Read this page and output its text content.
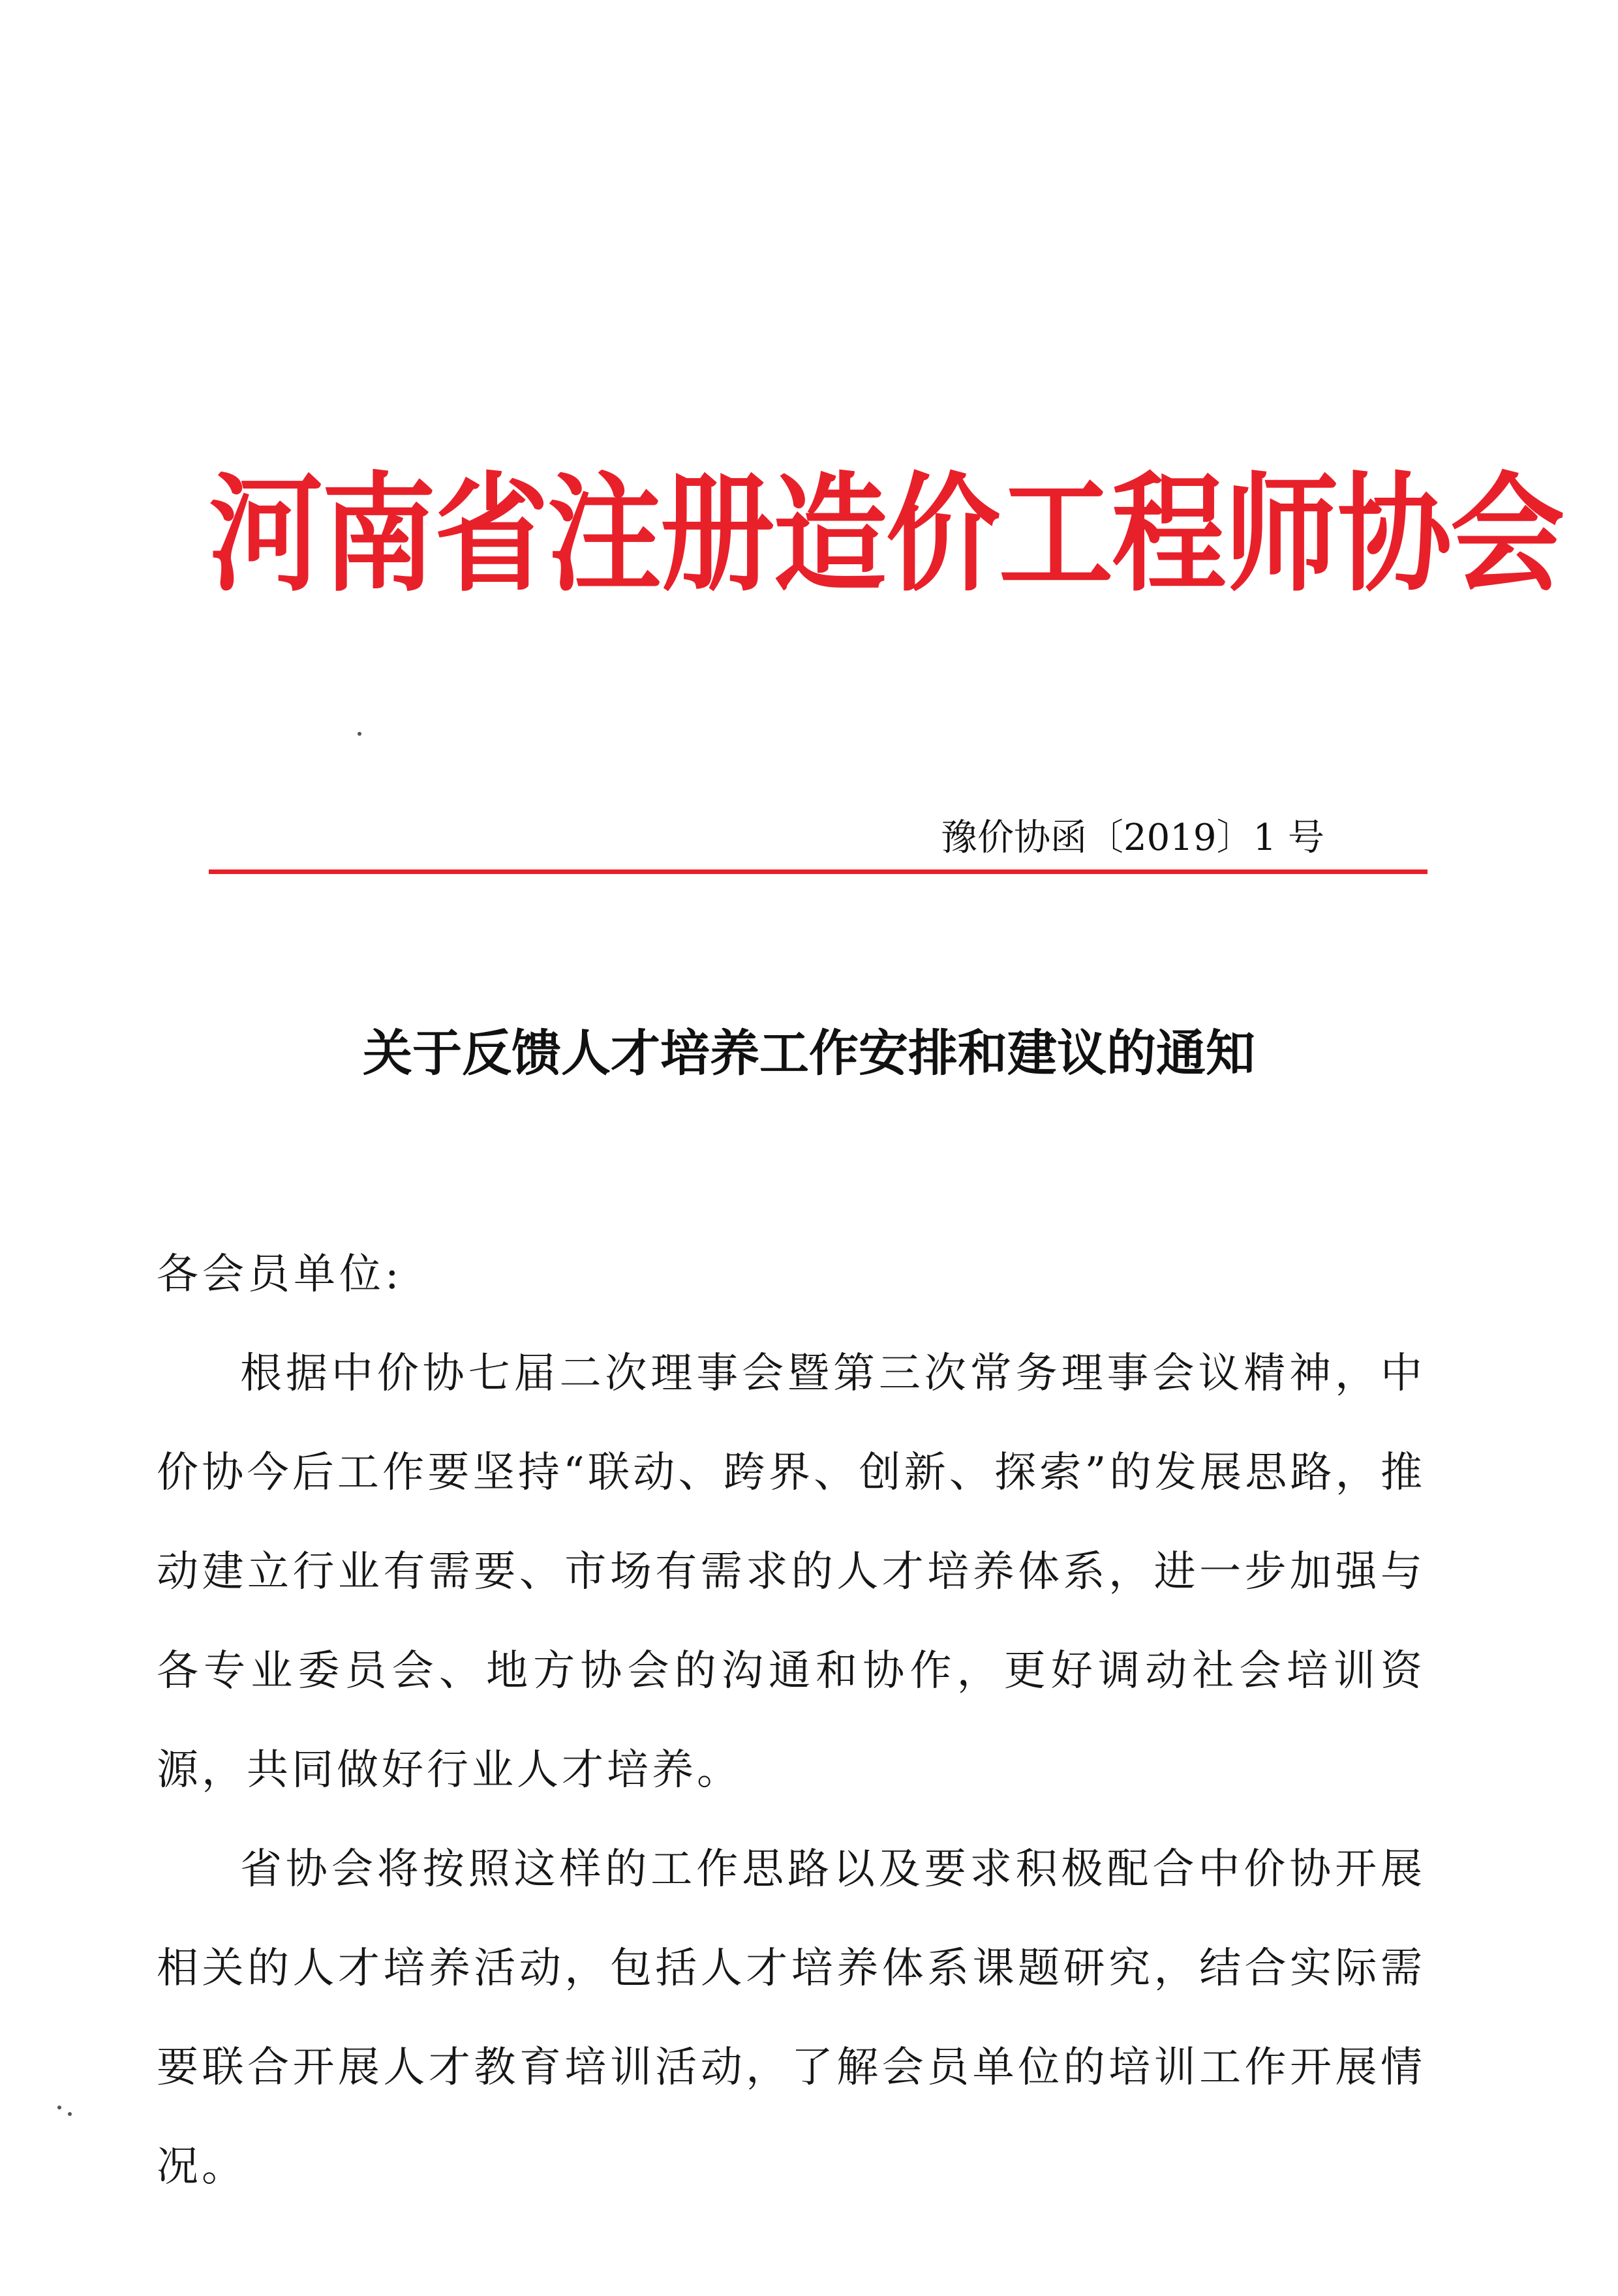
河南省注册造价工程师协会
豫价协函〔2019〕1 号
关于反馈人才培养工作安排和建议的通知

各会员单位:

根据中价协七届二次理事会暨第三次常务理事会议精神，中价协今后工作要坚持“联动、跨界、创新、探索”的发展思路，推动建立行业有需要、市场有需求的人才培养体系，进一步加强与各专业委员会、地方协会的沟通和协作，更好调动社会培训资源，共同做好行业人才培养。

省协会将按照这样的工作思路以及要求积极配合中价协开展相关的人才培养活动，包括人才培养体系课题研究，结合实际需要联合开展人才教育培训活动，了解会员单位的培训工作开展情况。
